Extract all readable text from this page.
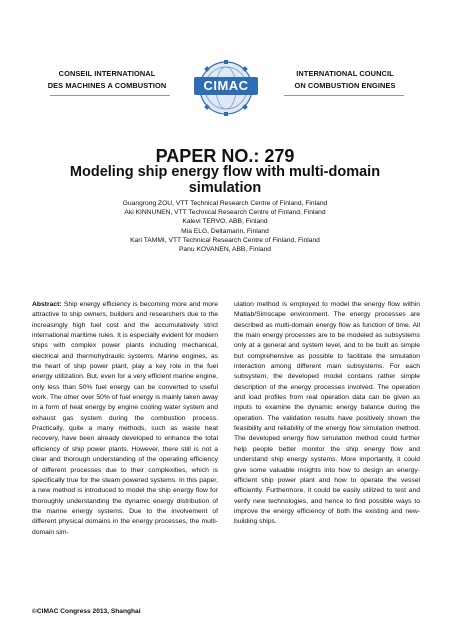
CONSEIL INTERNATIONAL
DES MACHINES A COMBUSTION	CIMAC
INTERNATIONAL COUNCIL
ON COMBUSTION ENGINES
PAPER NO.: 279
Modeling ship energy flow with multi-domain simulation
Guangrong ZOU, VTT Technical Research Centre of Finland, Finland
Aki KINNUNEN, VTT Technical Research Centre of Finland, Finland
Kalevi TERVO, ABB, Finland
Mia ELG, Deltamarin, Finland
Kari TAMMI, VTT Technical Research Centre of Finland, Finland
Panu KOVANEN, ABB, Finland
Abstract: Ship energy efficiency is becoming more and more attractive to ship owners, builders and researchers due to the increasingly high fuel cost and the accumulatively strict international maritime rules. It is especially evident for modern ships with complex power plants including mechanical, electrical and thermohydraulic systems. Marine engines, as the heart of ship power plant, play a key role in the fuel energy utilization. But, even for a very efficient marine engine, only less than 50% fuel energy can be converted to useful work. The other over 50% of fuel energy is mainly taken away in a form of heat energy by engine cooling water system and exhaust gas system during the combustion process. Practically, quite a many methods, such as waste heat recovery, have been already developed to enhance the total efficiency of ship power plants. However, there still is not a clear and thorough understanding of the operating efficiency of different processes due to their complexities, which is specifically true for the steam powered systems. In this paper, a new method is introduced to model the ship energy flow for thoroughly understanding the dynamic energy distribution of the marine energy systems. Due to the involvement of different physical domains in the energy processes, the multi-domain sim-
ulation method is employed to model the energy flow within Matlab/Simscape environment. The energy processes are described as multi-domain energy flow as function of time. All the main energy processes are to be modeled as subsystems only at a general and system level, and to be built as simple but comprehensive as possible to facilitate the simulation interaction among different main subsystems. For each subsystem, the developed model contains rather simple description of the energy processes involved. The operation and load profiles from real operation data can be given as inputs to examine the dynamic energy balance during the operation. The validation results have positively shown the feasibility and reliability of the energy flow simulation method. The developed energy flow simulation method could further help people better monitor the ship energy flow and understand ship energy systems. More importantly, it could give some valuable insights into how to design an energy-efficient ship power plant and how to operate the vessel efficiently. Furthermore, it could be easily utilized to test and verify new technologies, and hence to find possible ways to improve the energy efficiency of both the existing and new-building ships.
©CIMAC Congress 2013, Shanghai
